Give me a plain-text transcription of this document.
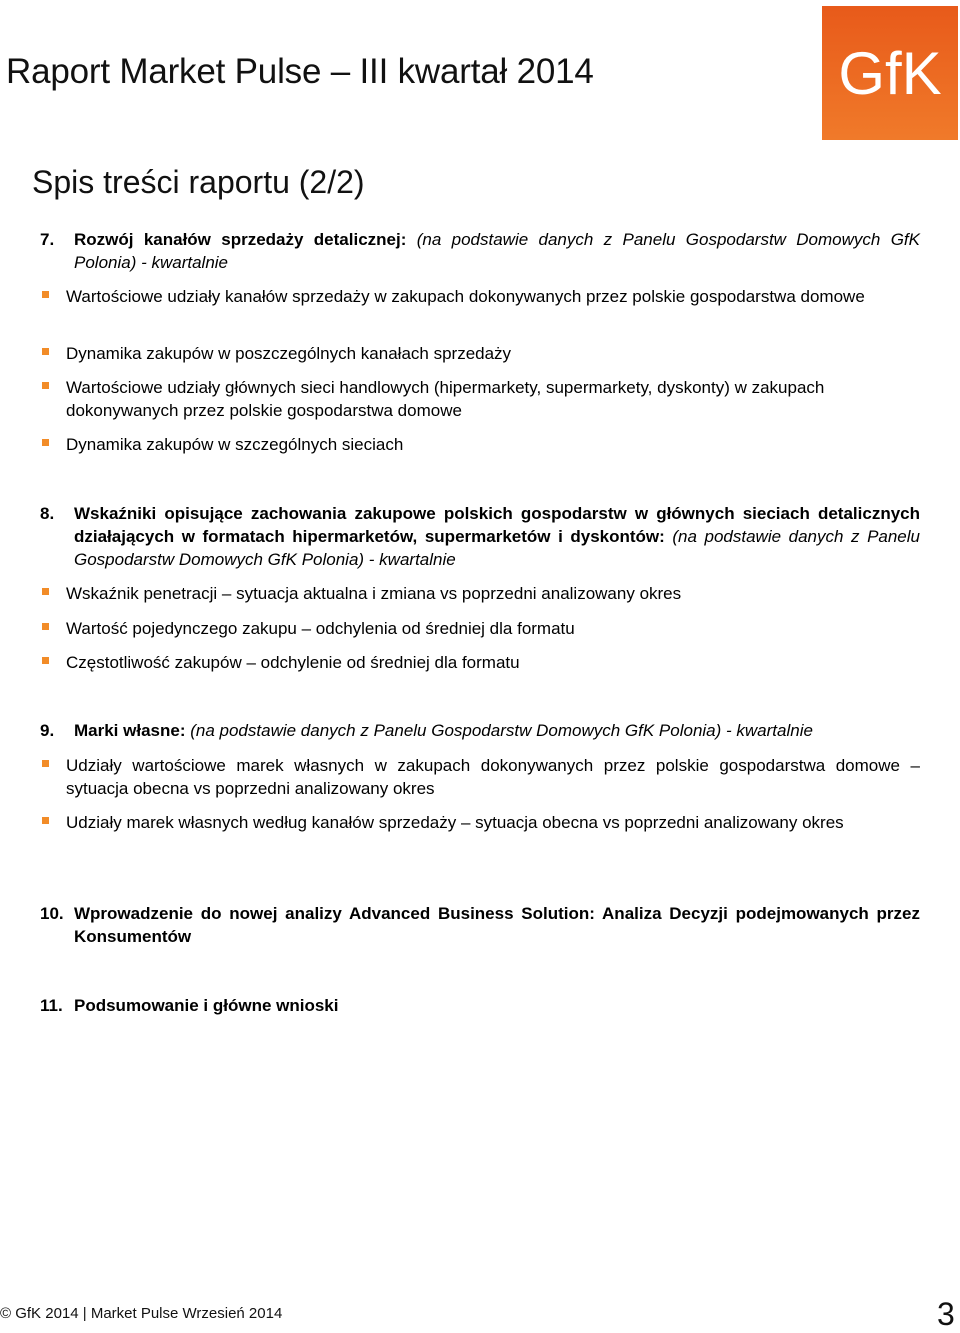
Raport Market Pulse – III kwartał 2014	GfK
Spis treści raportu (2/2)
7. Rozwój kanałów sprzedaży detalicznej: (na podstawie danych z Panelu Gospodarstw Domowych GfK Polonia) - kwartalnie
Wartościowe udziały kanałów sprzedaży w zakupach dokonywanych przez polskie gospodarstwa domowe
Dynamika zakupów w poszczególnych kanałach sprzedaży
Wartościowe udziały głównych sieci handlowych (hipermarkety, supermarkety, dyskonty) w zakupach dokonywanych przez polskie gospodarstwa domowe
Dynamika zakupów w szczególnych sieciach
8. Wskaźniki opisujące zachowania zakupowe polskich gospodarstw w głównych sieciach detalicznych działających w formatach hipermarketów, supermarketów i dyskontów: (na podstawie danych z Panelu Gospodarstw Domowych GfK Polonia) - kwartalnie
Wskaźnik penetracji – sytuacja aktualna i zmiana vs poprzedni analizowany okres
Wartość pojedynczego zakupu – odchylenia od średniej dla formatu
Częstotliwość zakupów – odchylenie od średniej dla formatu
9. Marki własne: (na podstawie danych z Panelu Gospodarstw Domowych GfK Polonia) - kwartalnie
Udziały wartościowe marek własnych w zakupach dokonywanych przez polskie gospodarstwa domowe – sytuacja obecna vs poprzedni analizowany okres
Udziały marek własnych według kanałów sprzedaży – sytuacja obecna vs poprzedni analizowany okres
10. Wprowadzenie do nowej analizy Advanced Business Solution: Analiza Decyzji podejmowanych przez Konsumentów
11. Podsumowanie i główne wnioski
© GfK 2014 | Market Pulse Wrzesień 2014	3
